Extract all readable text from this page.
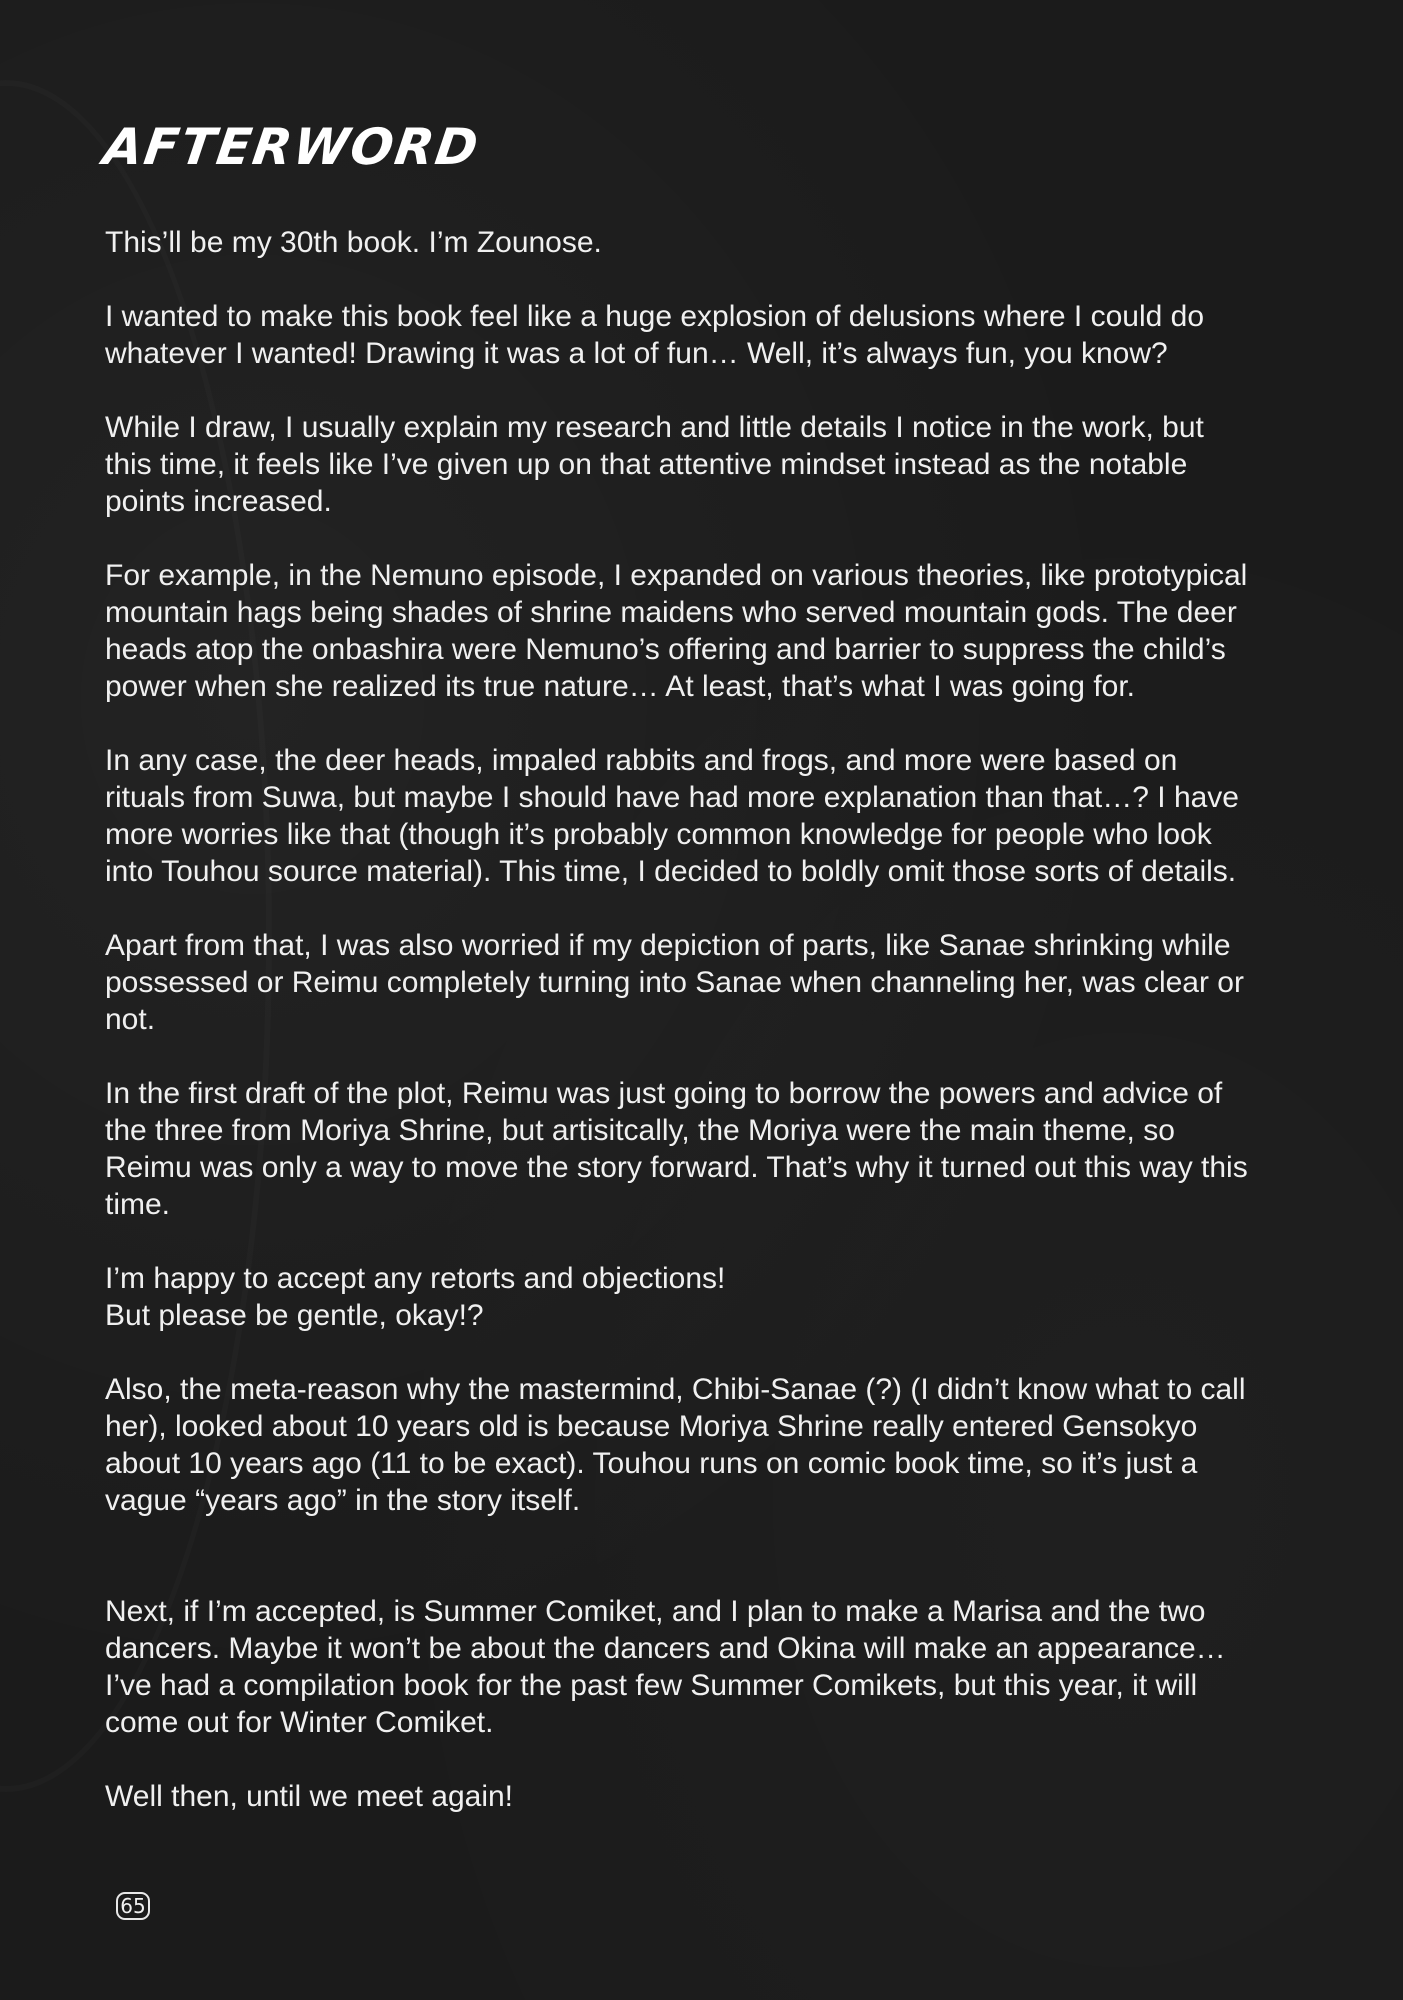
AFTERWORD

This’ll be my 30th book. I’m Zounose.

I wanted to make this book feel like a huge explosion of delusions where I could do
whatever I wanted! Drawing it was a lot of fun… Well, it’s always fun, you know?

While I draw, I usually explain my research and little details I notice in the work, but
this time, it feels like I’ve given up on that attentive mindset instead as the notable
points increased.

For example, in the Nemuno episode, I expanded on various theories, like prototypical
mountain hags being shades of shrine maidens who served mountain gods. The deer
heads atop the onbashira were Nemuno’s offering and barrier to suppress the child’s
power when she realized its true nature… At least, that’s what I was going for.

In any case, the deer heads, impaled rabbits and frogs, and more were based on
rituals from Suwa, but maybe I should have had more explanation than that…? I have
more worries like that (though it’s probably common knowledge for people who look
into Touhou source material). This time, I decided to boldly omit those sorts of details.

Apart from that, I was also worried if my depiction of parts, like Sanae shrinking while
possessed or Reimu completely turning into Sanae when channeling her, was clear or
not.

In the first draft of the plot, Reimu was just going to borrow the powers and advice of
the three from Moriya Shrine, but artisitcally, the Moriya were the main theme, so
Reimu was only a way to move the story forward. That’s why it turned out this way this
time.

I’m happy to accept any retorts and objections!
But please be gentle, okay!?

Also, the meta-reason why the mastermind, Chibi-Sanae (?) (I didn’t know what to call
her), looked about 10 years old is because Moriya Shrine really entered Gensokyo
about 10 years ago (11 to be exact). Touhou runs on comic book time, so it’s just a
vague “years ago” in the story itself.

Next, if I’m accepted, is Summer Comiket, and I plan to make a Marisa and the two
dancers. Maybe it won’t be about the dancers and Okina will make an appearance…
I’ve had a compilation book for the past few Summer Comikets, but this year, it will
come out for Winter Comiket.

Well then, until we meet again!

65
